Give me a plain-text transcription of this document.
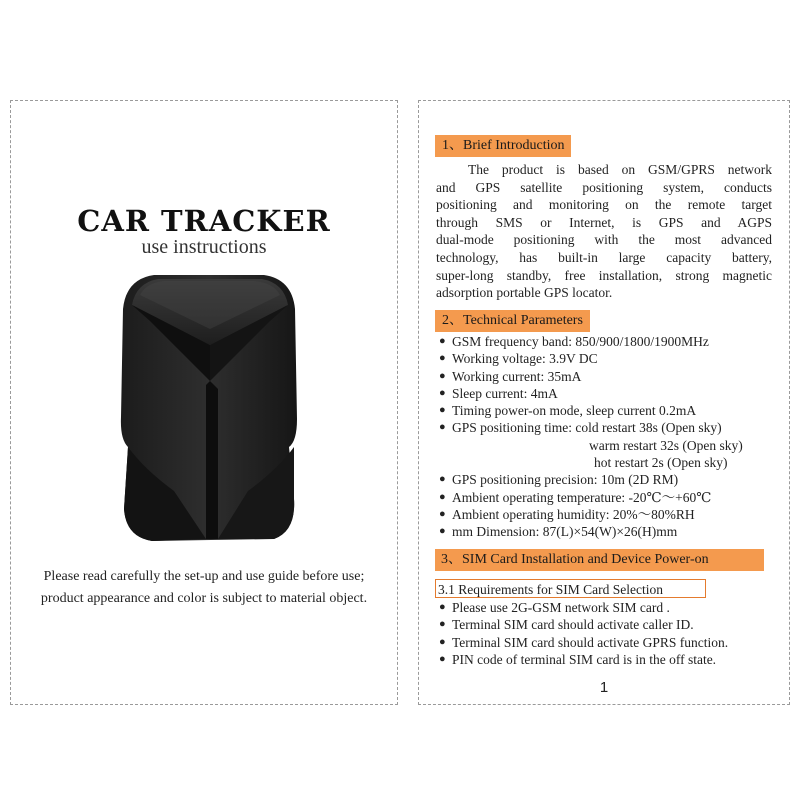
CAR TRACKER
use instructions
Please read carefully the set-up and use guide before use;
product appearance and color is subject to material object.
1、Brief Introduction
The product is based on GSM/GPRS network
and GPS satellite positioning system, conducts
positioning and monitoring on the remote target
through SMS or Internet, is GPS and AGPS
dual-mode positioning with the most advanced
technology, has built-in large capacity battery,
super-long standby, free installation, strong magnetic
adsorption portable GPS locator.
2、Technical Parameters
● GSM frequency band: 850/900/1800/1900MHz
● Working voltage: 3.9V DC
● Working current: 35mA
● Sleep current: 4mA
● Timing power-on mode, sleep current 0.2mA
● GPS positioning time: cold restart 38s (Open sky)
warm restart 32s (Open sky)
hot restart 2s (Open sky)
● GPS positioning precision: 10m (2D RM)
● Ambient operating temperature: -20℃～+60℃
● Ambient operating humidity: 20%～80%RH
● mm Dimension: 87(L)×54(W)×26(H)mm
3、SIM Card Installation and Device Power-on
3.1 Requirements for SIM Card Selection
● Please use 2G-GSM network SIM card .
● Terminal SIM card should activate caller ID.
● Terminal SIM card should activate GPRS function.
● PIN code of terminal SIM card is in the off state.
1
